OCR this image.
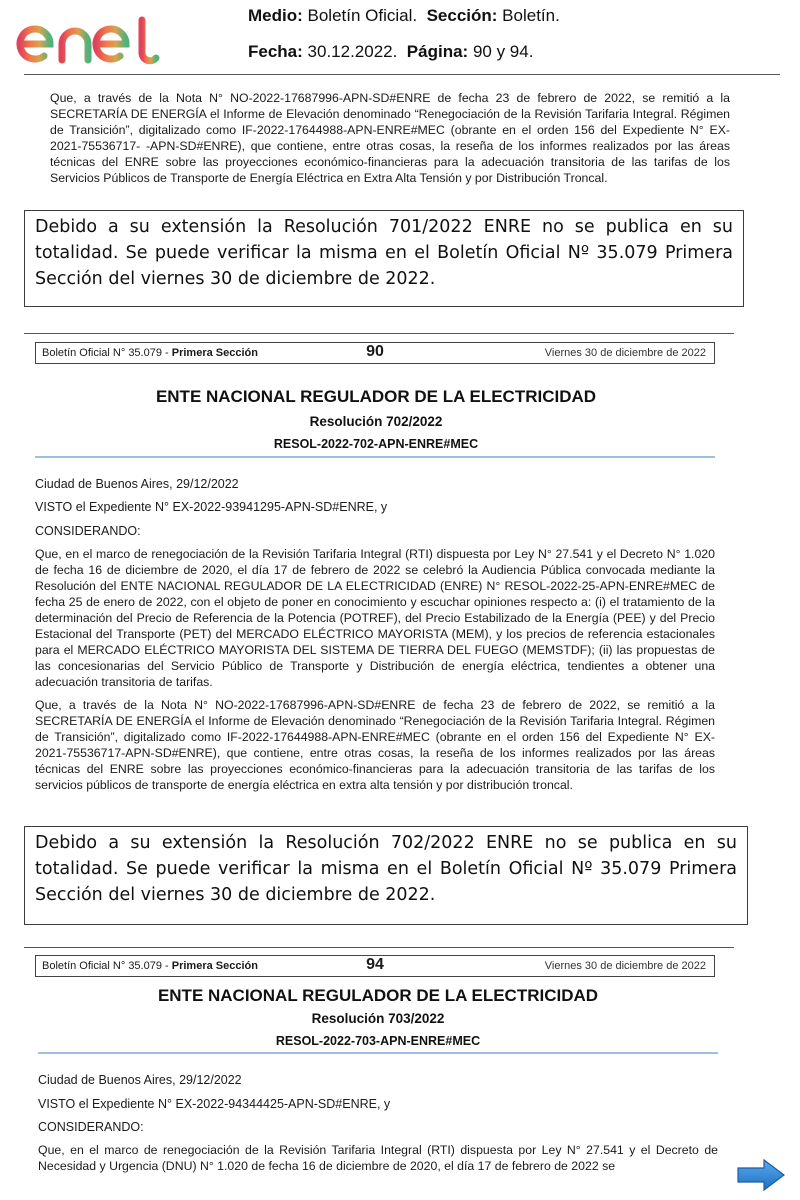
Medio: Boletín Oficial. Sección: Boletín.
Fecha: 30.12.2022. Página: 90 y 94.

Que, a través de la Nota N° NO-2022-17687996-APN-SD#ENRE de fecha 23 de febrero de 2022, se remitió a la SECRETARÍA DE ENERGÍA el Informe de Elevación denominado “Renegociación de la Revisión Tarifaria Integral. Régimen de Transición”, digitalizado como IF-2022-17644988-APN-ENRE#MEC (obrante en el orden 156 del Expediente N° EX-2021-75536717- -APN-SD#ENRE), que contiene, entre otras cosas, la reseña de los informes realizados por las áreas técnicas del ENRE sobre las proyecciones económico-financieras para la adecuación transitoria de las tarifas de los Servicios Públicos de Transporte de Energía Eléctrica en Extra Alta Tensión y por Distribución Troncal.

Debido a su extensión la Resolución 701/2022 ENRE no se publica en su totalidad. Se puede verificar la misma en el Boletín Oficial Nº 35.079 Primera Sección del viernes 30 de diciembre de 2022.
Boletín Oficial N° 35.079 - Primera Sección	90	Viernes 30 de diciembre de 2022
ENTE NACIONAL REGULADOR DE LA ELECTRICIDAD
Resolución 702/2022
RESOL-2022-702-APN-ENRE#MEC
Ciudad de Buenos Aires, 29/12/2022
VISTO el Expediente N° EX-2022-93941295-APN-SD#ENRE, y
CONSIDERANDO:

Que, en el marco de renegociación de la Revisión Tarifaria Integral (RTI) dispuesta por Ley N° 27.541 y el Decreto N° 1.020 de fecha 16 de diciembre de 2020, el día 17 de febrero de 2022 se celebró la Audiencia Pública convocada mediante la Resolución del ENTE NACIONAL REGULADOR DE LA ELECTRICIDAD (ENRE) N° RESOL-2022-25-APN-ENRE#MEC de fecha 25 de enero de 2022, con el objeto de poner en conocimiento y escuchar opiniones respecto a: (i) el tratamiento de la determinación del Precio de Referencia de la Potencia (POTREF), del Precio Estabilizado de la Energía (PEE) y del Precio Estacional del Transporte (PET) del MERCADO ELÉCTRICO MAYORISTA (MEM), y los precios de referencia estacionales para el MERCADO ELÉCTRICO MAYORISTA DEL SISTEMA DE TIERRA DEL FUEGO (MEMSTDF); (ii) las propuestas de las concesionarias del Servicio Público de Transporte y Distribución de energía eléctrica, tendientes a obtener una adecuación transitoria de tarifas.

Que, a través de la Nota N° NO-2022-17687996-APN-SD#ENRE de fecha 23 de febrero de 2022, se remitió a la SECRETARÍA DE ENERGÍA el Informe de Elevación denominado “Renegociación de la Revisión Tarifaria Integral. Régimen de Transición”, digitalizado como IF-2022-17644988-APN-ENRE#MEC (obrante en el orden 156 del Expediente N° EX-2021-75536717-APN-SD#ENRE), que contiene, entre otras cosas, la reseña de los informes realizados por las áreas técnicas del ENRE sobre las proyecciones económico-financieras para la adecuación transitoria de las tarifas de los servicios públicos de transporte de energía eléctrica en extra alta tensión y por distribución troncal.

Debido a su extensión la Resolución 702/2022 ENRE no se publica en su totalidad. Se puede verificar la misma en el Boletín Oficial Nº 35.079 Primera Sección del viernes 30 de diciembre de 2022.
Boletín Oficial N° 35.079 - Primera Sección	94	Viernes 30 de diciembre de 2022
ENTE NACIONAL REGULADOR DE LA ELECTRICIDAD
Resolución 703/2022
RESOL-2022-703-APN-ENRE#MEC
Ciudad de Buenos Aires, 29/12/2022
VISTO el Expediente N° EX-2022-94344425-APN-SD#ENRE, y
CONSIDERANDO:

Que, en el marco de renegociación de la Revisión Tarifaria Integral (RTI) dispuesta por Ley N° 27.541 y el Decreto de Necesidad y Urgencia (DNU) N° 1.020 de fecha 16 de diciembre de 2020, el día 17 de febrero de 2022 se
